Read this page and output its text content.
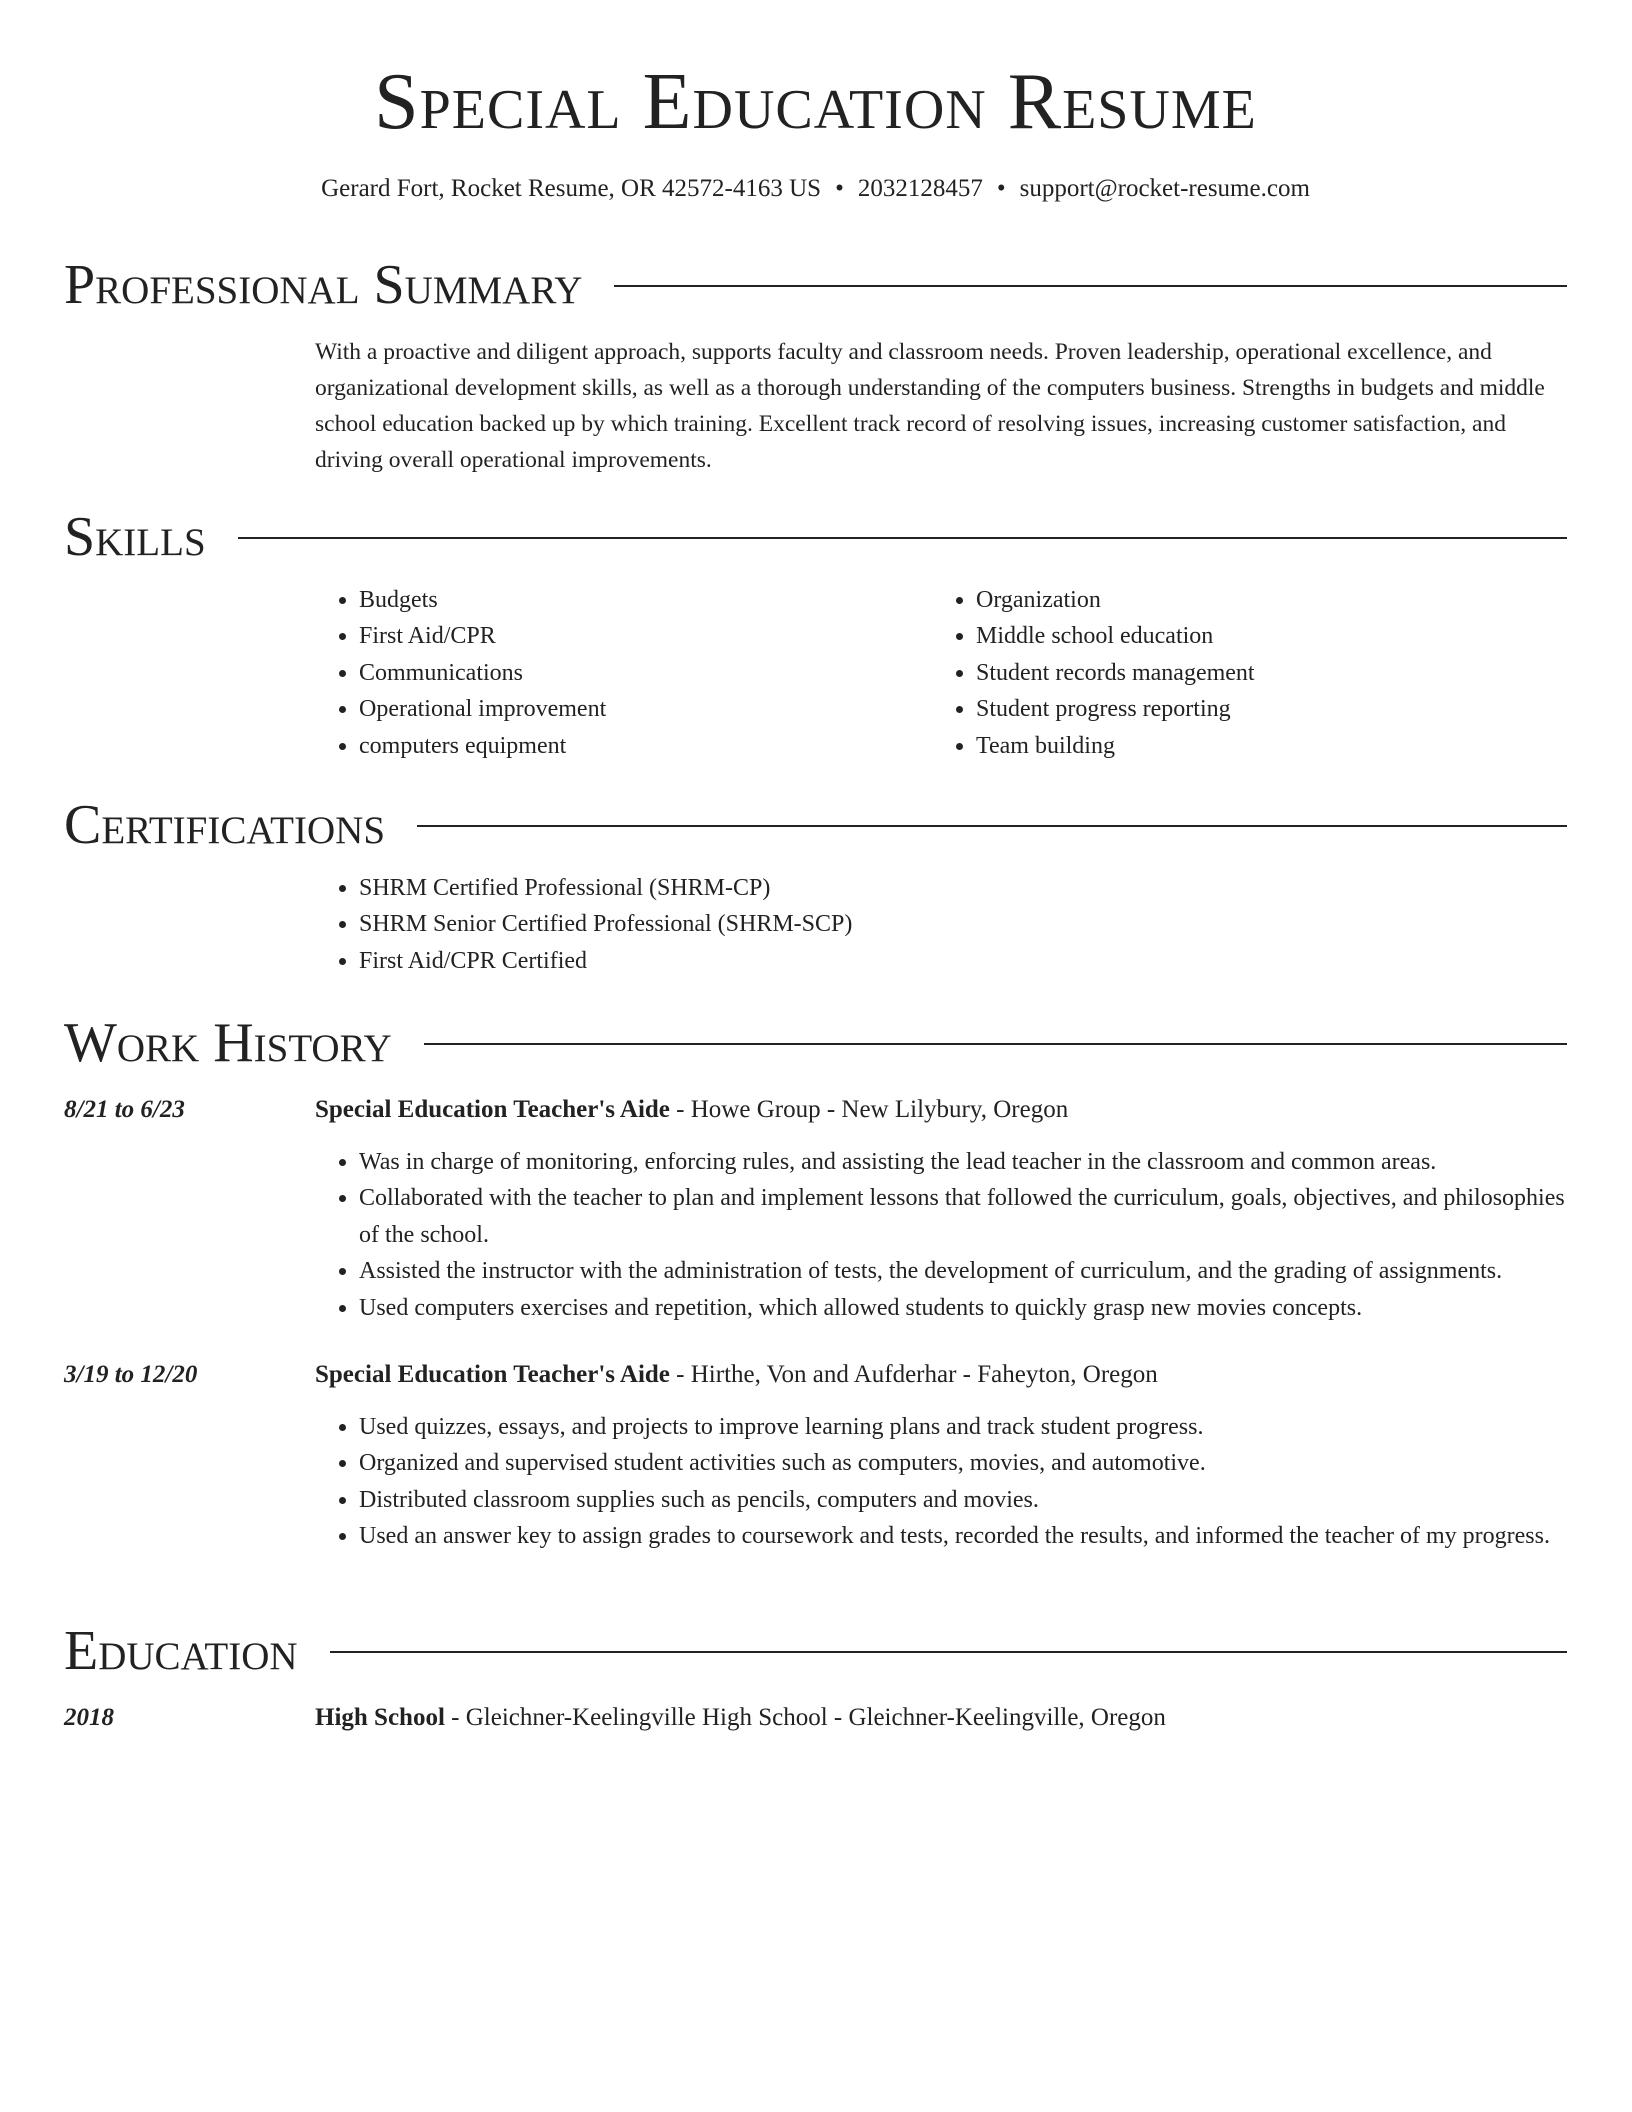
Special Education Resume
Gerard Fort, Rocket Resume, OR 42572-4163 US • 2032128457 • support@rocket-resume.com
Professional Summary
With a proactive and diligent approach, supports faculty and classroom needs. Proven leadership, operational excellence, and organizational development skills, as well as a thorough understanding of the computers business. Strengths in budgets and middle school education backed up by which training. Excellent track record of resolving issues, increasing customer satisfaction, and driving overall operational improvements.
Skills
• Budgets
• First Aid/CPR
• Communications
• Operational improvement
• computers equipment
• Organization
• Middle school education
• Student records management
• Student progress reporting
• Team building
Certifications
• SHRM Certified Professional (SHRM-CP)
• SHRM Senior Certified Professional (SHRM-SCP)
• First Aid/CPR Certified
Work History
8/21 to 6/23	Special Education Teacher's Aide - Howe Group - New Lilybury, Oregon
• Was in charge of monitoring, enforcing rules, and assisting the lead teacher in the classroom and common areas.
• Collaborated with the teacher to plan and implement lessons that followed the curriculum, goals, objectives, and philosophies of the school.
• Assisted the instructor with the administration of tests, the development of curriculum, and the grading of assignments.
• Used computers exercises and repetition, which allowed students to quickly grasp new movies concepts.
3/19 to 12/20	Special Education Teacher's Aide - Hirthe, Von and Aufderhar - Faheyton, Oregon
• Used quizzes, essays, and projects to improve learning plans and track student progress.
• Organized and supervised student activities such as computers, movies, and automotive.
• Distributed classroom supplies such as pencils, computers and movies.
• Used an answer key to assign grades to coursework and tests, recorded the results, and informed the teacher of my progress.
Education
2018	High School - Gleichner-Keelingville High School - Gleichner-Keelingville, Oregon
